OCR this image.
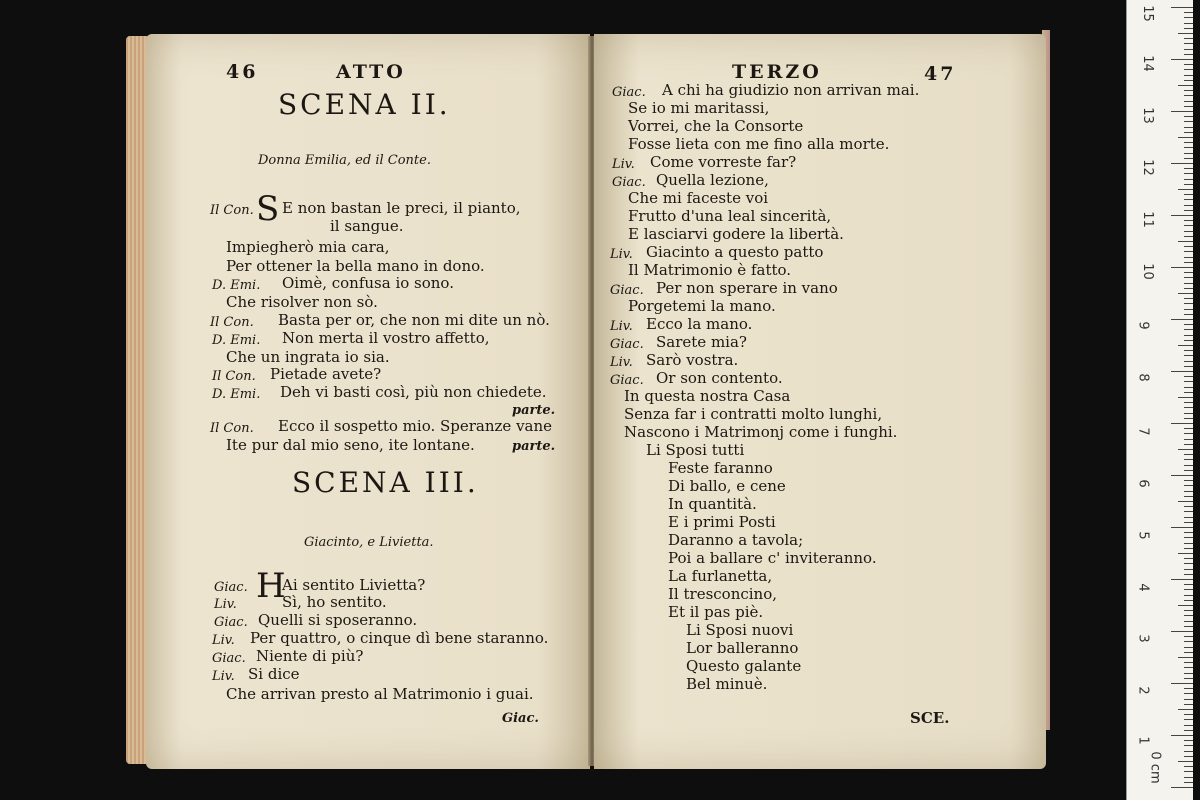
46	ATTO
SCENA II.
Donna Emilia, ed il Conte.
Il Con. S E non bastan le preci, il pianto,
il sangue.
Impiegherò mia cara,
Per ottener la bella mano in dono.
D. Emi. Oimè, confusa io sono.
Che risolver non sò.
Il Con. Basta per or, che non mi dite un nò.
D. Emi. Non merta il vostro affetto,
Che un ingrata io sia.
Il Con. Pietade avete?
D. Emi. Deh vi basti così, più non chiedete.
parte.
Il Con. Ecco il sospetto mio. Speranze vane
Ite pur dal mio seno, ite lontane.	parte.
SCENA III.
Giacinto, e Livietta.
Giac. H
Ai sentito Livietta?
Liv.	Sì, ho sentito.
Giac. Quelli si sposeranno.
Liv. Per quattro, o cinque dì bene staranno.
Giac. Niente di più?
Liv. Si dice
Che arrivan presto al Matrimonio i guai.
Giac.
TERZO	47
Giac. A chi ha giudizio non arrivan mai.
Se io mi maritassi,
Vorrei, che la Consorte
Fosse lieta con me fino alla morte.
Liv. Come vorreste far?
Giac. Quella lezione,
Che mi faceste voi
Frutto d'una leal sincerità,
E lasciarvi godere la libertà.
Liv. Giacinto a questo patto
Il Matrimonio è fatto.
Giac. Per non sperare in vano
Porgetemi la mano.
Liv. Ecco la mano.
Giac. Sarete mia?
Liv. Sarò vostra.
Giac. Or son contento.
In questa nostra Casa
Senza far i contratti molto lunghi,
Nascono i Matrimonj come i funghi.
Li Sposi tutti
Feste faranno
Di ballo, e cene
In quantità.
E i primi Posti
Daranno a tavola;
Poi a ballare c' inviteranno.
La furlanetta,
Il tresconcino,
Et il pas piè.
Li Sposi nuovi
Lor balleranno
Questo galante
Bel minuè.
SCE.
0 cm
1
2
3
4
5
6
7
8
9
10
11
12
13
14
15
